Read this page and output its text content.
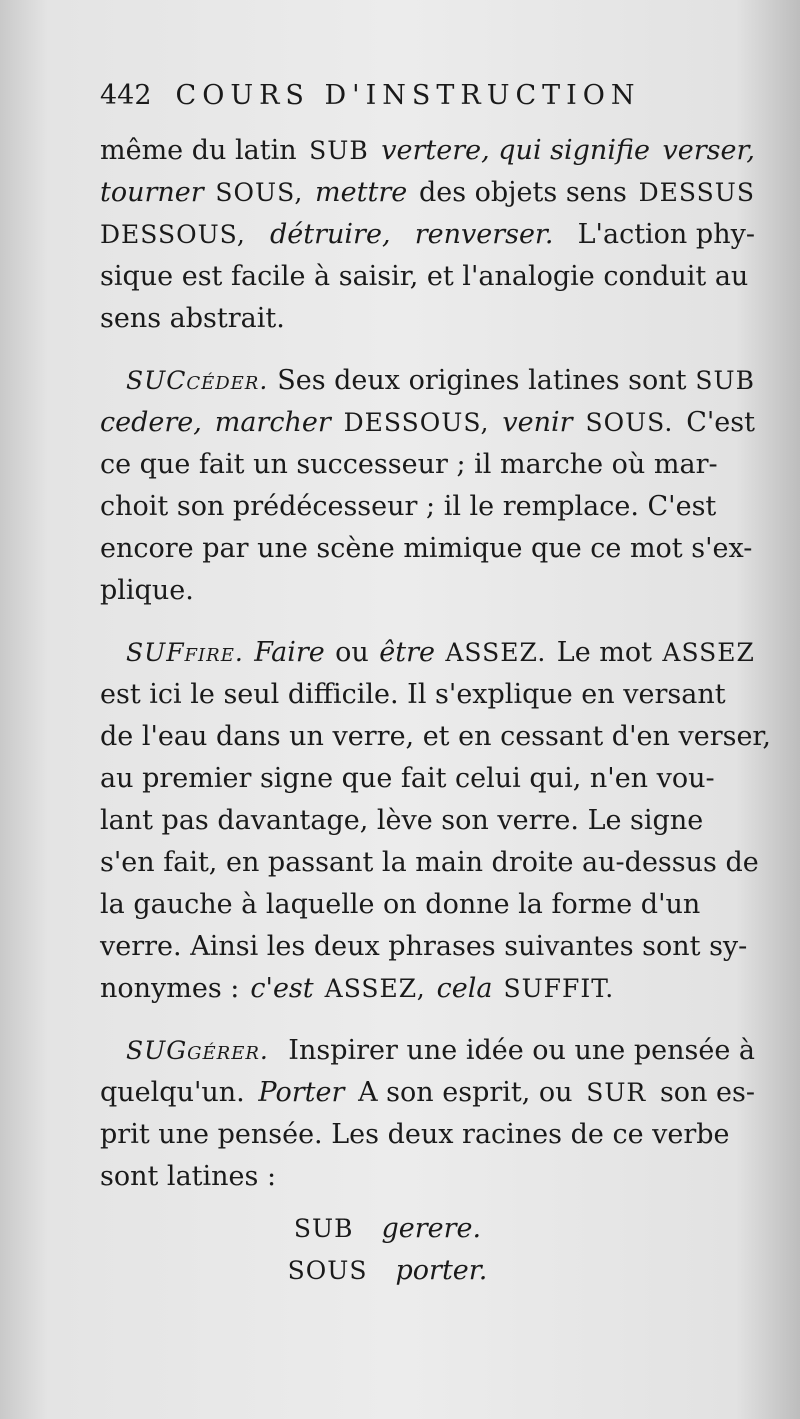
442 COURS D'INSTRUCTION
même du latin SUB vertere, qui signifie verser,
tourner SOUS, mettre des objets sens DESSUS
DESSOUS, détruire, renverser. L'action phy-
sique est facile à saisir, et l'analogie conduit au
sens abstrait.
SUCcéder. Ses deux origines latines sont SUB
cedere, marcher DESSOUS, venir SOUS. C'est
ce que fait un successeur ; il marche où mar-
choit son prédécesseur ; il le remplace. C'est
encore par une scène mimique que ce mot s'ex-
plique.
SUFfire. Faire ou être ASSEZ. Le mot ASSEZ
est ici le seul difficile. Il s'explique en versant
de l'eau dans un verre, et en cessant d'en verser,
au premier signe que fait celui qui, n'en vou-
lant pas davantage, lève son verre. Le signe
s'en fait, en passant la main droite au-dessus de
la gauche à laquelle on donne la forme d'un
verre. Ainsi les deux phrases suivantes sont sy-
nonymes : c'est ASSEZ, cela SUFFIT.
SUGgérer. Inspirer une idée ou une pensée à
quelqu'un. Porter A son esprit, ou SUR son es-
prit une pensée. Les deux racines de ce verbe
sont latines :
SUB gerere.
SOUS porter.
